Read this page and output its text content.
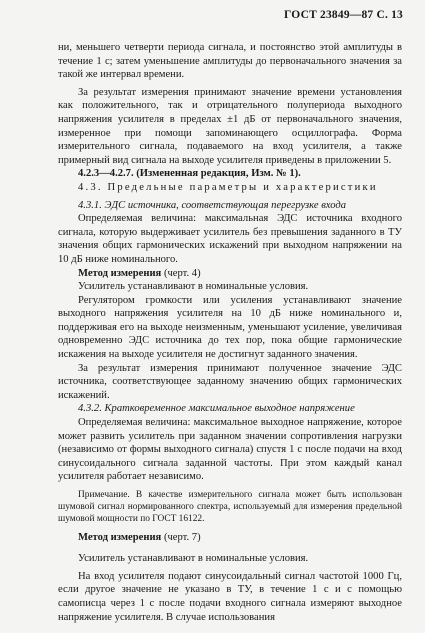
ГОСТ 23849—87 С. 13

ни, меньшего четверти периода сигнала, и постоянство этой амплитуды в течение 1 с; затем уменьшение амплитуды до первоначального значения за такой же интервал времени.

За результат измерения принимают значение времени установления как положительного, так и отрицательного полупериода выходного напряжения усилителя в пределах ±1 дБ от первоначального значения, измеренное при помощи запоминающего осциллографа. Форма измерительного сигнала, подаваемого на вход усилителя, а также примерный вид сигнала на выходе усилителя приведены в приложении 5.

4.2.3—4.2.7. (Измененная редакция, Изм. № 1).

4.3. Предельные параметры и характеристики

4.3.1. ЭДС источника, соответствующая перегрузке входа

Определяемая величина: максимальная ЭДС источника входного сигнала, которую выдерживает усилитель без превышения заданного в ТУ значения общих гармонических искажений при выходном напряжении на 10 дБ ниже номинального.

Метод измерения (черт. 4)

Усилитель устанавливают в номинальные условия.

Регулятором громкости или усиления устанавливают значение выходного напряжения усилителя на 10 дБ ниже номинального и, поддерживая его на выходе неизменным, уменьшают усиление, увеличивая одновременно ЭДС источника до тех пор, пока общие гармонические искажения на выходе усилителя не достигнут заданного значения.

За результат измерения принимают полученное значение ЭДС источника, соответствующее заданному значению общих гармонических искажений.

4.3.2. Кратковременное максимальное выходное напряжение

Определяемая величина: максимальное выходное напряжение, которое может развить усилитель при заданном значении сопротивления нагрузки (независимо от формы выходного сигнала) спустя 1 с после подачи на вход синусоидального сигнала заданной частоты. При этом каждый канал усилителя работает независимо.

Примечание. В качестве измерительного сигнала может быть использован шумовой сигнал нормированного спектра, используемый для измерения предельной шумовой мощности по ГОСТ 16122.

Метод измерения (черт. 7)

Усилитель устанавливают в номинальные условия.

На вход усилителя подают синусоидальный сигнал частотой 1000 Гц, если другое значение не указано в ТУ, в течение 1 с и с помощью самописца через 1 с после подачи входного сигнала измеряют выходное напряжение усилителя. В случае использования
